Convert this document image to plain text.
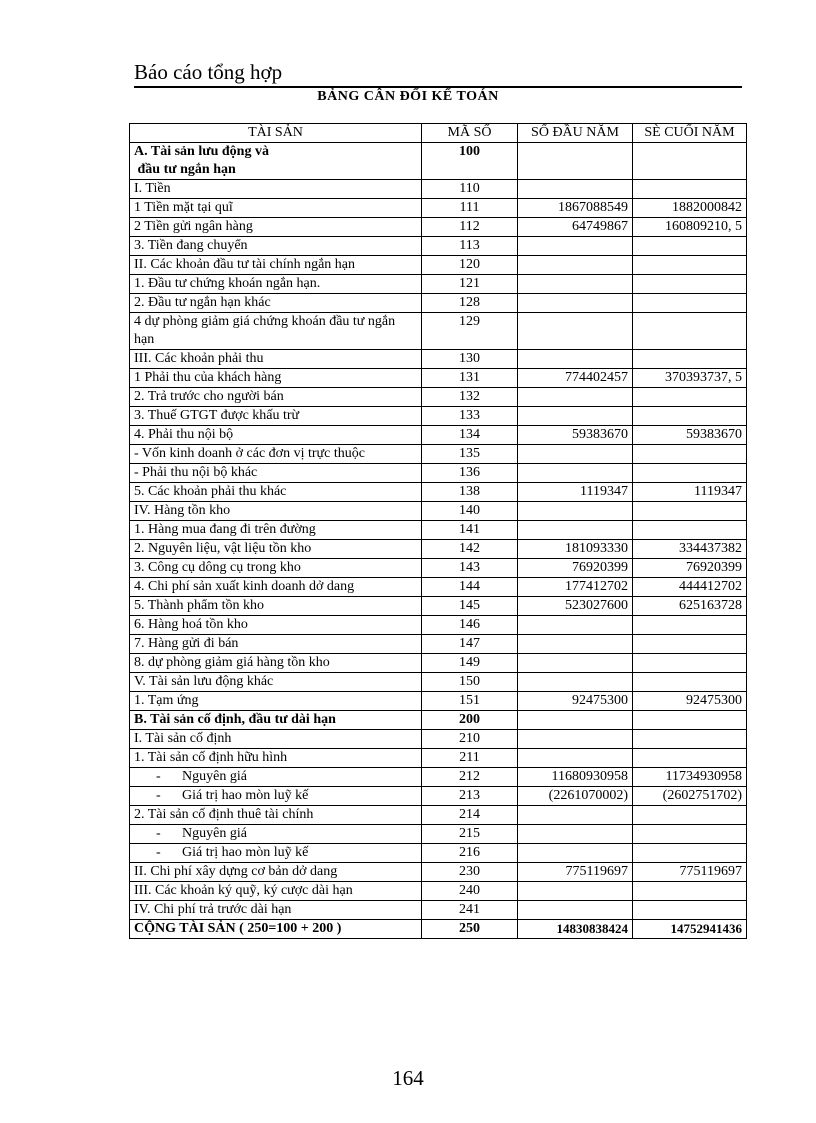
Báo cáo tổng hợp
BẢNG CÂN ĐỐI KẾ TOÁN
TÀI SẢN	MÃ SỐ	SỐ ĐẦU NĂM	SÈ CUỐI NĂM
A. Tài sản lưu động và
đầu tư ngắn hạn	100		
I. Tiền	110		
1 Tiền mặt tại quĩ	111	1867088549	1882000842
2 Tiền gửi ngân hàng	112	64749867	160809210, 5
3. Tiền đang chuyển	113		
II. Các khoản đầu tư tài chính ngắn hạn	120		
1. Đầu tư chứng khoán ngắn hạn.	121		
2. Đầu tư ngắn hạn khác	128		
4 dự phòng giảm giá chứng khoán đầu tư ngắn hạn	129		
III. Các khoản phải thu	130		
1 Phải thu của khách hàng	131	774402457	370393737, 5
2. Trả trước cho người bán	132		
3. Thuế GTGT được khấu trừ	133		
4. Phải thu nội bộ	134	59383670	59383670
- Vốn kinh doanh ở các đơn vị trực thuộc	135		
- Phải thu nội bộ khác	136		
5. Các khoản phải thu khác	138	1119347	1119347
IV. Hàng tồn kho	140		
1. Hàng mua đang đi trên đường	141		
2. Nguyên liệu, vật liệu tồn kho	142	181093330	334437382
3. Công cụ dông cụ trong kho	143	76920399	76920399
4. Chi phí sản xuất kinh doanh dở dang	144	177412702	444412702
5. Thành phẩm tồn kho	145	523027600	625163728
6. Hàng hoá tồn kho	146		
7. Hàng gửi đi bán	147		
8. dự phòng giảm giá hàng tồn kho	149		
V. Tài sản lưu động khác	150		
1. Tạm ứng	151	92475300	92475300
B. Tài sản cố định, đầu tư dài hạn	200		
I. Tài sản cố định	210		
1. Tài sản cố định hữu hình	211		
- Nguyên giá	212	11680930958	11734930958
- Giá trị hao mòn luỹ kế	213	(2261070002)	(2602751702)
2. Tài sản cố định thuê tài chính	214		
- Nguyên giá	215		
- Giá trị hao mòn luỹ kế	216		
II. Chi phí xây dựng cơ bản dở dang	230	775119697	775119697
III. Các khoản ký quỹ, ký cược dài hạn	240		
IV. Chi phí trả trước dài hạn	241		
CỘNG TÀI SẢN ( 250=100 + 200 )	250	14830838424	14752941436
164
